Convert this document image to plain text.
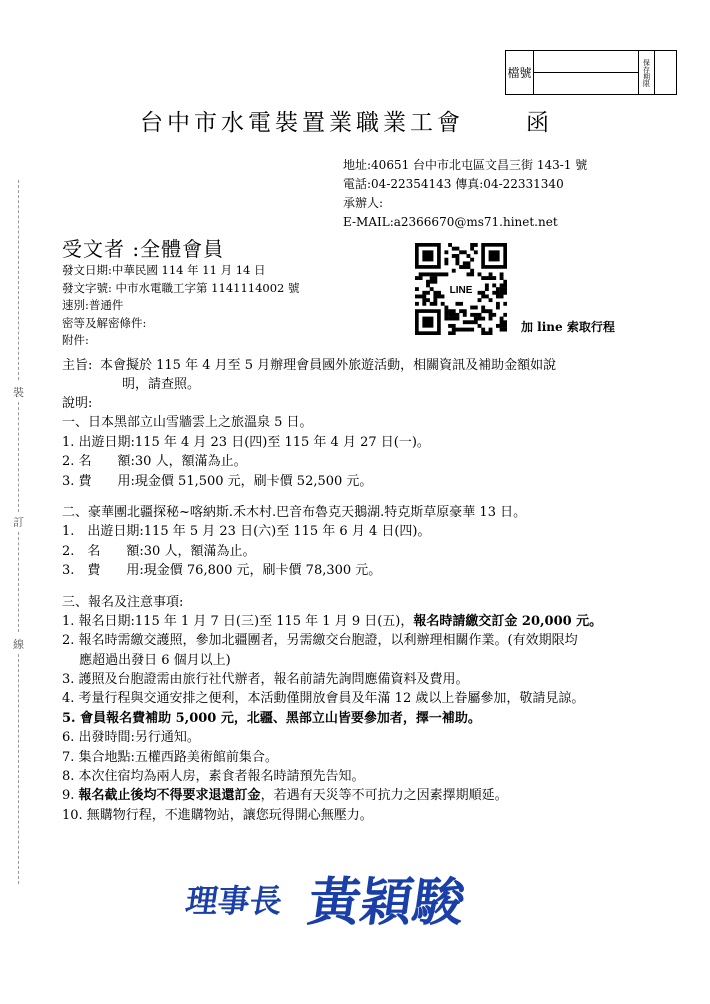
檔號	保存期限
台中市水電裝置業職業工會	函
地址:40651 台中市北屯區文昌三街 143-1 號
電話:04-22354143 傳真:04-22331340
承辦人:
E-MAIL:a2366670@ms71.hinet.net
受文者 :全體會員
發文日期:中華民國 114 年 11 月 14 日
發文字號: 中市水電職工字第 1141114002 號
速別:普通件
密等及解密條件:
附件:
LINE
加 line 索取行程
主旨: 本會擬於 115 年 4 月至 5 月辦理會員國外旅遊活動，相關資訊及補助金額如說
明，請查照。
說明:
一、日本黑部立山雪牆雲上之旅溫泉 5 日。
1. 出遊日期:115 年 4 月 23 日(四)至 115 年 4 月 27 日(一)。
2. 名　　額:30 人，額滿為止。
3. 費　　用:現金價 51,500 元，刷卡價 52,500 元。
二、豪華團北疆探秘~喀納斯.禾木村.巴音布魯克天鵝湖.特克斯草原豪華 13 日。
1.　出遊日期:115 年 5 月 23 日(六)至 115 年 6 月 4 日(四)。
2.　名　　額:30 人，額滿為止。
3.　費　　用:現金價 76,800 元，刷卡價 78,300 元。
三、報名及注意事項:
1. 報名日期:115 年 1 月 7 日(三)至 115 年 1 月 9 日(五)，報名時請繳交訂金 20,000 元。
2. 報名時需繳交護照，參加北疆團者，另需繳交台胞證，以利辦理相關作業。(有效期限均
　 應超過出發日 6 個月以上)
3. 護照及台胞證需由旅行社代辦者，報名前請先詢問應備資料及費用。
4. 考量行程與交通安排之便利，本活動僅開放會員及年滿 12 歲以上眷屬參加，敬請見諒。
5. 會員報名費補助 5,000 元，北疆、黑部立山皆要參加者，擇一補助。
6. 出發時間:另行通知。
7. 集合地點:五權西路美術館前集合。
8. 本次住宿均為兩人房，素食者報名時請預先告知。
9. 報名截止後均不得要求退還訂金，若遇有天災等不可抗力之因素擇期順延。
10. 無購物行程，不進購物站，讓您玩得開心無壓力。
裝
訂
線
理事長 黃穎駿
